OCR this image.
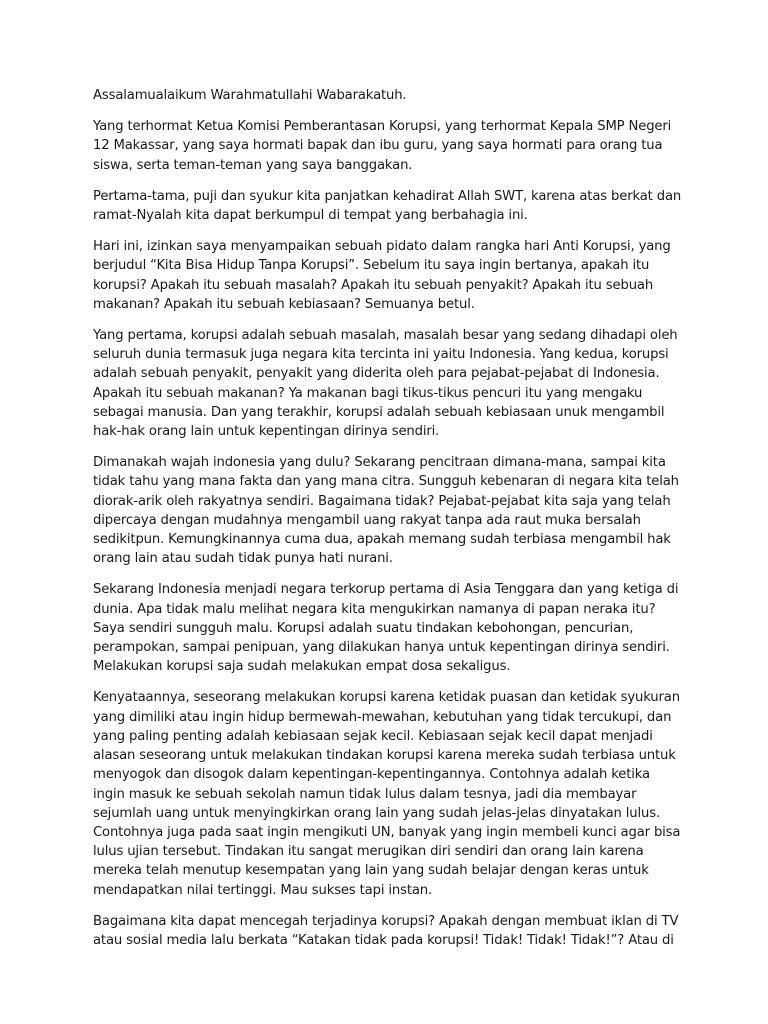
Assalamualaikum Warahmatullahi Wabarakatuh.

Yang terhormat Ketua Komisi Pemberantasan Korupsi, yang terhormat Kepala SMP Negeri 12 Makassar, yang saya hormati bapak dan ibu guru, yang saya hormati para orang tua siswa, serta teman-teman yang saya banggakan.

Pertama-tama, puji dan syukur kita panjatkan kehadirat Allah SWT, karena atas berkat dan ramat-Nyalah kita dapat berkumpul di tempat yang berbahagia ini.

Hari ini, izinkan saya menyampaikan sebuah pidato dalam rangka hari Anti Korupsi, yang berjudul “Kita Bisa Hidup Tanpa Korupsi”. Sebelum itu saya ingin bertanya, apakah itu korupsi? Apakah itu sebuah masalah? Apakah itu sebuah penyakit? Apakah itu sebuah makanan? Apakah itu sebuah kebiasaan? Semuanya betul.

Yang pertama, korupsi adalah sebuah masalah, masalah besar yang sedang dihadapi oleh seluruh dunia termasuk juga negara kita tercinta ini yaitu Indonesia. Yang kedua, korupsi adalah sebuah penyakit, penyakit yang diderita oleh para pejabat-pejabat di Indonesia. Apakah itu sebuah makanan? Ya makanan bagi tikus-tikus pencuri itu yang mengaku sebagai manusia. Dan yang terakhir, korupsi adalah sebuah kebiasaan unuk mengambil hak-hak orang lain untuk kepentingan dirinya sendiri.

Dimanakah wajah indonesia yang dulu? Sekarang pencitraan dimana-mana, sampai kita tidak tahu yang mana fakta dan yang mana citra. Sungguh kebenaran di negara kita telah diorak-arik oleh rakyatnya sendiri. Bagaimana tidak? Pejabat-pejabat kita saja yang telah dipercaya dengan mudahnya mengambil uang rakyat tanpa ada raut muka bersalah sedikitpun. Kemungkinannya cuma dua, apakah memang sudah terbiasa mengambil hak orang lain atau sudah tidak punya hati nurani.

Sekarang Indonesia menjadi negara terkorup pertama di Asia Tenggara dan yang ketiga di dunia. Apa tidak malu melihat negara kita mengukirkan namanya di papan neraka itu? Saya sendiri sungguh malu. Korupsi adalah suatu tindakan kebohongan, pencurian, perampokan, sampai penipuan, yang dilakukan hanya untuk kepentingan dirinya sendiri. Melakukan korupsi saja sudah melakukan empat dosa sekaligus.

Kenyataannya, seseorang melakukan korupsi karena ketidak puasan dan ketidak syukuran yang dimiliki atau ingin hidup bermewah-mewahan, kebutuhan yang tidak tercukupi, dan yang paling penting adalah kebiasaan sejak kecil. Kebiasaan sejak kecil dapat menjadi alasan seseorang untuk melakukan tindakan korupsi karena mereka sudah terbiasa untuk menyogok dan disogok dalam kepentingan-kepentingannya. Contohnya adalah ketika ingin masuk ke sebuah sekolah namun tidak lulus dalam tesnya, jadi dia membayar sejumlah uang untuk menyingkirkan orang lain yang sudah jelas-jelas dinyatakan lulus. Contohnya juga pada saat ingin mengikuti UN, banyak yang ingin membeli kunci agar bisa lulus ujian tersebut. Tindakan itu sangat merugikan diri sendiri dan orang lain karena mereka telah menutup kesempatan yang lain yang sudah belajar dengan keras untuk mendapatkan nilai tertinggi. Mau sukses tapi instan.

Bagaimana kita dapat mencegah terjadinya korupsi? Apakah dengan membuat iklan di TV atau sosial media lalu berkata “Katakan tidak pada korupsi! Tidak! Tidak! Tidak!”? Atau di
